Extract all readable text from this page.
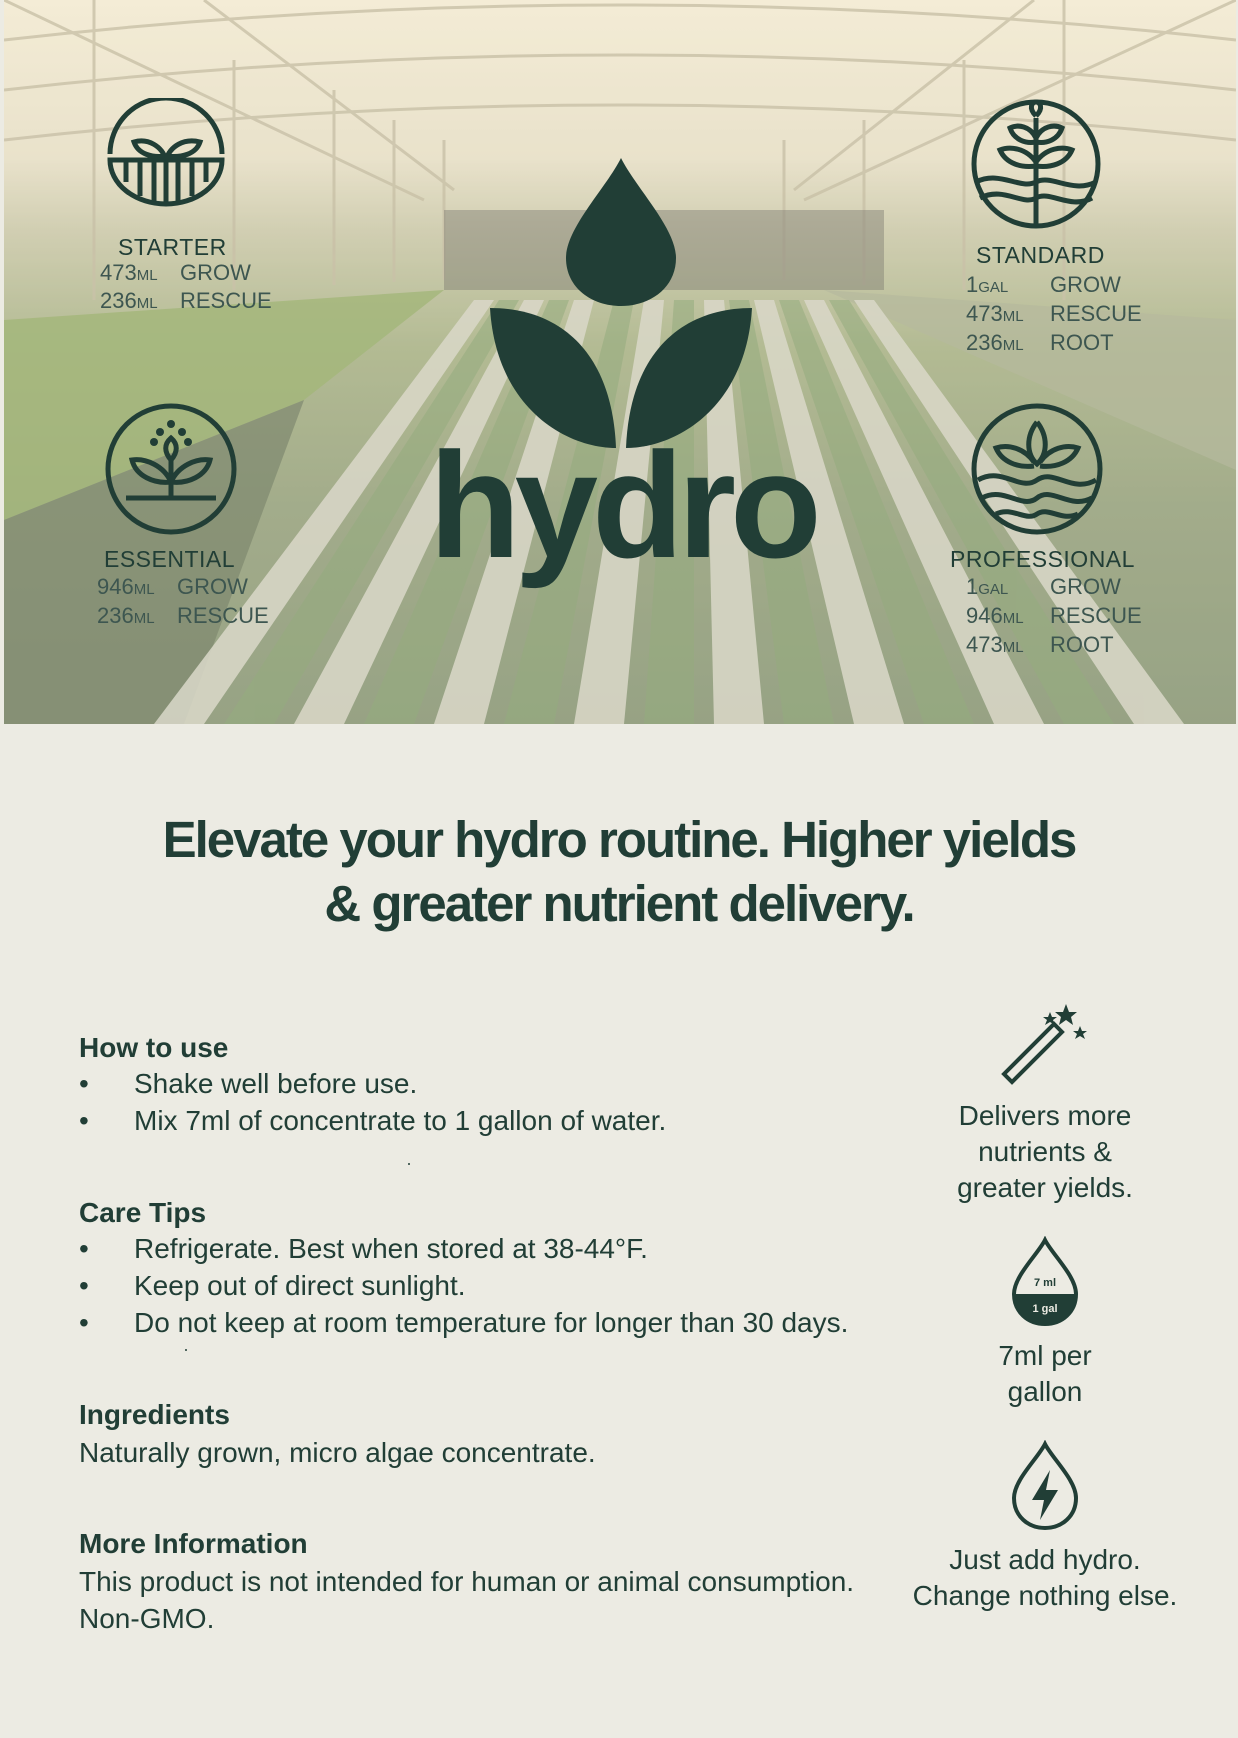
STARTER
473ML GROW
236ML RESCUE
STANDARD
1GAL GROW
473ML RESCUE
236ML ROOT
ESSENTIAL
946ML GROW
236ML RESCUE
PROFESSIONAL
1GAL GROW
946ML RESCUE
473ML ROOT
hydro
Elevate your hydro routine. Higher yields
& greater nutrient delivery.
How to use
• Shake well before use.
• Mix 7ml of concentrate to 1 gallon of water.
Care Tips
• Refrigerate. Best when stored at 38-44°F.
• Keep out of direct sunlight.
• Do not keep at room temperature for longer than 30 days.
Ingredients
Naturally grown, micro algae concentrate.
More Information
This product is not intended for human or animal consumption.
Non-GMO.
Delivers more
nutrients &
greater yields.
7 ml
1 gal
7ml per
gallon
Just add hydro.
Change nothing else.
